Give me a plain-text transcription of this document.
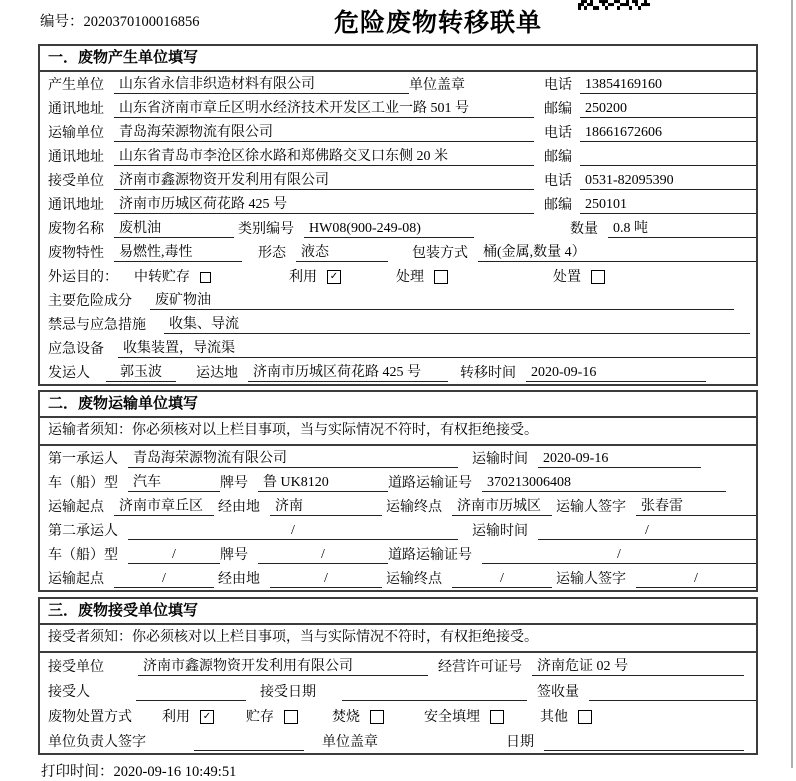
编号：2020370100016856	危险废物转移联单
一．废物产生单位填写
产生单位	山东省永信非织造材料有限公司	单位盖章	电话 13854169160
通讯地址	山东省济南市章丘区明水经济技术开发区工业一路 501 号	邮编 250200
运输单位	青岛海荣源物流有限公司	电话 18661672606
通讯地址	山东省青岛市李沧区徐水路和郑佛路交叉口东侧 20 米	邮编
接受单位	济南市鑫源物资开发利用有限公司	电话 0531-82095390
通讯地址	济南市历城区荷花路 425 号	邮编 250101
废物名称	废机油	类别编号	HW08(900-249-08)	数量	0.8 吨
废物特性	易燃性,毒性	形态	液态	包装方式	桶(金属,数量 4）
外运目的： 中转贮存	利用 ✓	处理	处置
主要危险成分	废矿物油
禁忌与应急措施	收集、导流
应急设备	收集装置，导流渠
发运人	郭玉波	运达地	济南市历城区荷花路 425 号	转移时间	2020-09-16
二．废物运输单位填写
运输者须知：你必须核对以上栏目事项，当与实际情况不符时，有权拒绝接受。
第一承运人	青岛海荣源物流有限公司	运输时间	2020-09-16
车（船）型	汽车	牌号	鲁 UK8120	道路运输证号	370213006408
运输起点	济南市章丘区	经由地	济南	运输终点	济南市历城区	运输人签字	张春雷
第二承运人	/	运输时间	/
车（船）型	/	牌号	/	道路运输证号	/
运输起点	/	经由地	/	运输终点	/	运输人签字	/
三．废物接受单位填写
接受者须知：你必须核对以上栏目事项，当与实际情况不符时，有权拒绝接受。
接受单位	济南市鑫源物资开发利用有限公司	经营许可证号	济南危证 02 号
接受人	接受日期	签收量
废物处置方式 利用 ✓ 贮存	焚烧	安全填埋	其他
单位负责人签字	单位盖章	日期
打印时间：2020-09-16 10:49:51
